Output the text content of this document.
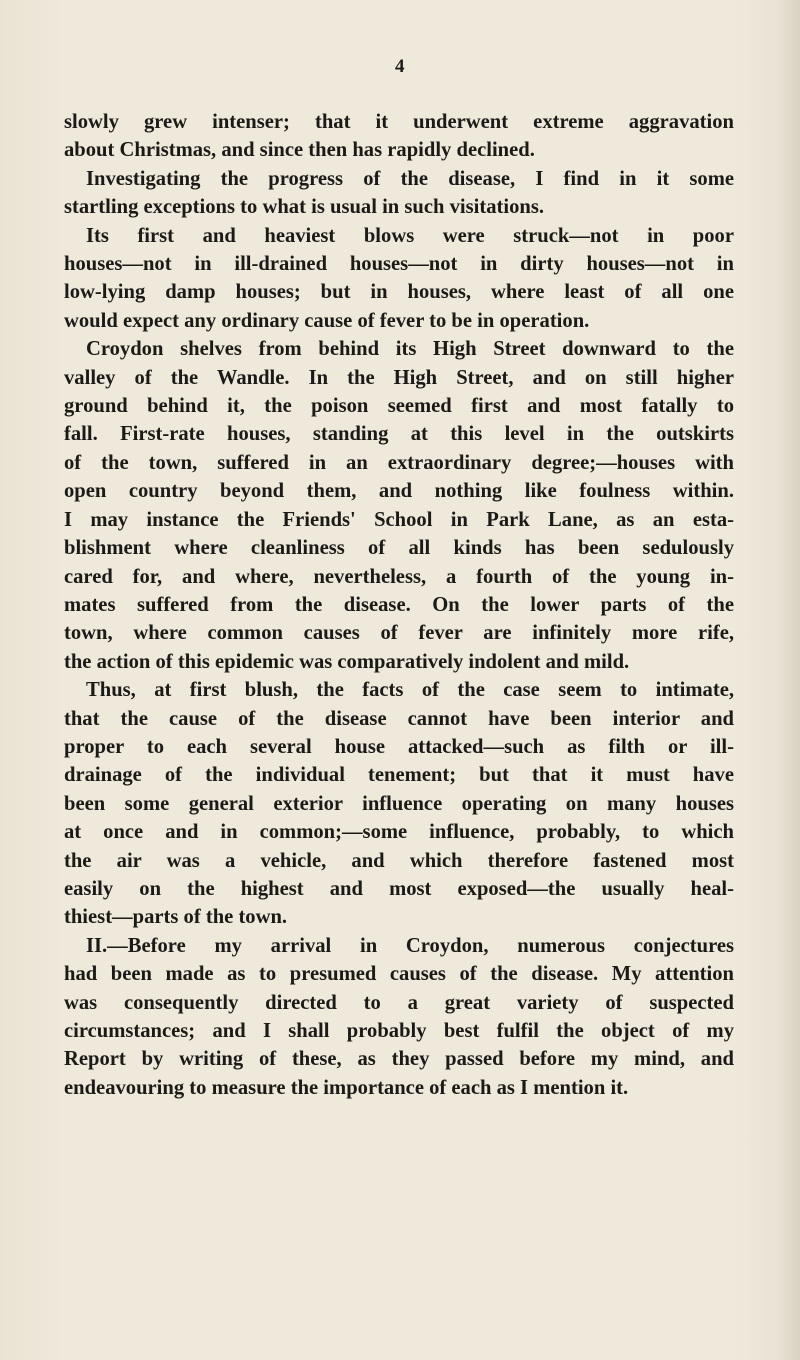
4
slowly grew intenser; that it underwent extreme aggravation
about Christmas, and since then has rapidly declined.
Investigating the progress of the disease, I find in it some
startling exceptions to what is usual in such visitations.
Its first and heaviest blows were struck—not in poor
houses—not in ill-drained houses—not in dirty houses—not in
low-lying damp houses; but in houses, where least of all one
would expect any ordinary cause of fever to be in operation.
Croydon shelves from behind its High Street downward to the
valley of the Wandle. In the High Street, and on still higher
ground behind it, the poison seemed first and most fatally to
fall. First-rate houses, standing at this level in the outskirts
of the town, suffered in an extraordinary degree;—houses with
open country beyond them, and nothing like foulness within.
I may instance the Friends' School in Park Lane, as an esta-
blishment where cleanliness of all kinds has been sedulously
cared for, and where, nevertheless, a fourth of the young in-
mates suffered from the disease. On the lower parts of the
town, where common causes of fever are infinitely more rife,
the action of this epidemic was comparatively indolent and mild.
Thus, at first blush, the facts of the case seem to intimate,
that the cause of the disease cannot have been interior and
proper to each several house attacked—such as filth or ill-
drainage of the individual tenement; but that it must have
been some general exterior influence operating on many houses
at once and in common;—some influence, probably, to which
the air was a vehicle, and which therefore fastened most
easily on the highest and most exposed—the usually heal-
thiest—parts of the town.
II.—Before my arrival in Croydon, numerous conjectures
had been made as to presumed causes of the disease. My attention
was consequently directed to a great variety of suspected
circumstances; and I shall probably best fulfil the object of my
Report by writing of these, as they passed before my mind, and
endeavouring to measure the importance of each as I mention it.
